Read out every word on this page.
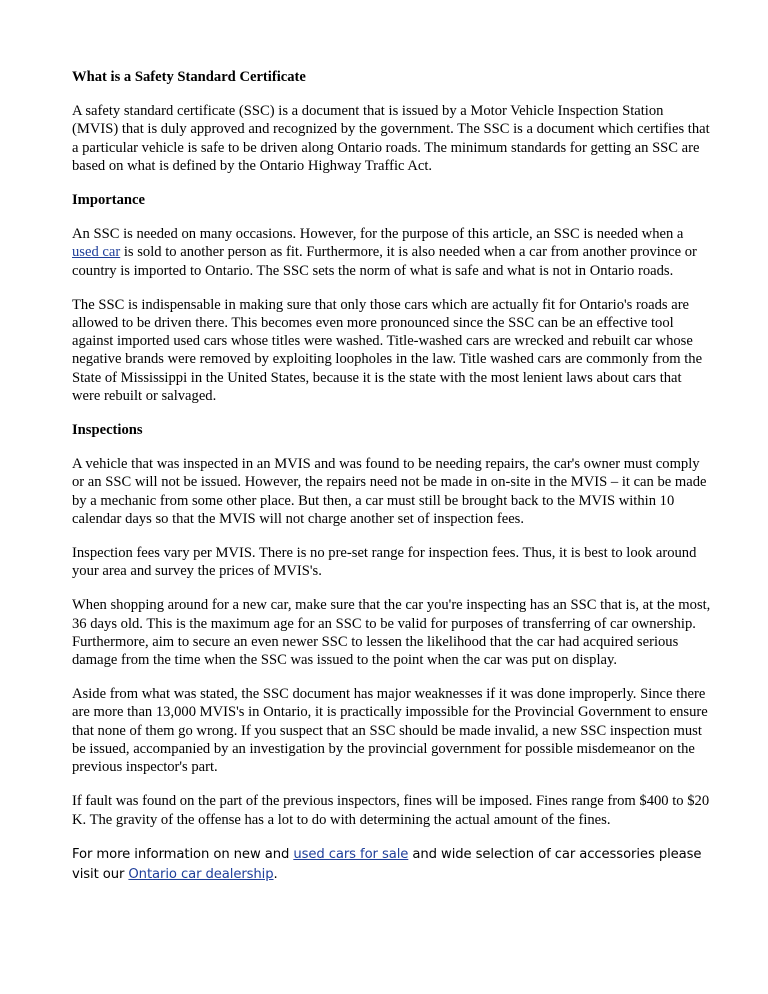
What is a Safety Standard Certificate

A safety standard certificate (SSC) is a document that is issued by a Motor Vehicle Inspection Station (MVIS) that is duly approved and recognized by the government. The SSC is a document which certifies that a particular vehicle is safe to be driven along Ontario roads. The minimum standards for getting an SSC are based on what is defined by the Ontario Highway Traffic Act.

Importance

An SSC is needed on many occasions. However, for the purpose of this article, an SSC is needed when a used car is sold to another person as fit. Furthermore, it is also needed when a car from another province or country is imported to Ontario. The SSC sets the norm of what is safe and what is not in Ontario roads.

The SSC is indispensable in making sure that only those cars which are actually fit for Ontario's roads are allowed to be driven there. This becomes even more pronounced since the SSC can be an effective tool against imported used cars whose titles were washed. Title-washed cars are wrecked and rebuilt car whose negative brands were removed by exploiting loopholes in the law. Title washed cars are commonly from the State of Mississippi in the United States, because it is the state with the most lenient laws about cars that were rebuilt or salvaged.

Inspections

A vehicle that was inspected in an MVIS and was found to be needing repairs, the car's owner must comply or an SSC will not be issued. However, the repairs need not be made in on-site in the MVIS – it can be made by a mechanic from some other place. But then, a car must still be brought back to the MVIS within 10 calendar days so that the MVIS will not charge another set of inspection fees.

Inspection fees vary per MVIS. There is no pre-set range for inspection fees. Thus, it is best to look around your area and survey the prices of MVIS's.

When shopping around for a new car, make sure that the car you're inspecting has an SSC that is, at the most, 36 days old. This is the maximum age for an SSC to be valid for purposes of transferring of car ownership. Furthermore, aim to secure an even newer SSC to lessen the likelihood that the car had acquired serious damage from the time when the SSC was issued to the point when the car was put on display.

Aside from what was stated, the SSC document has major weaknesses if it was done improperly. Since there are more than 13,000 MVIS's in Ontario, it is practically impossible for the Provincial Government to ensure that none of them go wrong. If you suspect that an SSC should be made invalid, a new SSC inspection must be issued, accompanied by an investigation by the provincial government for possible misdemeanor on the previous inspector's part.

If fault was found on the part of the previous inspectors, fines will be imposed. Fines range from $400 to $20 K. The gravity of the offense has a lot to do with determining the actual amount of the fines.

For more information on new and used cars for sale and wide selection of car accessories please visit our Ontario car dealership.
